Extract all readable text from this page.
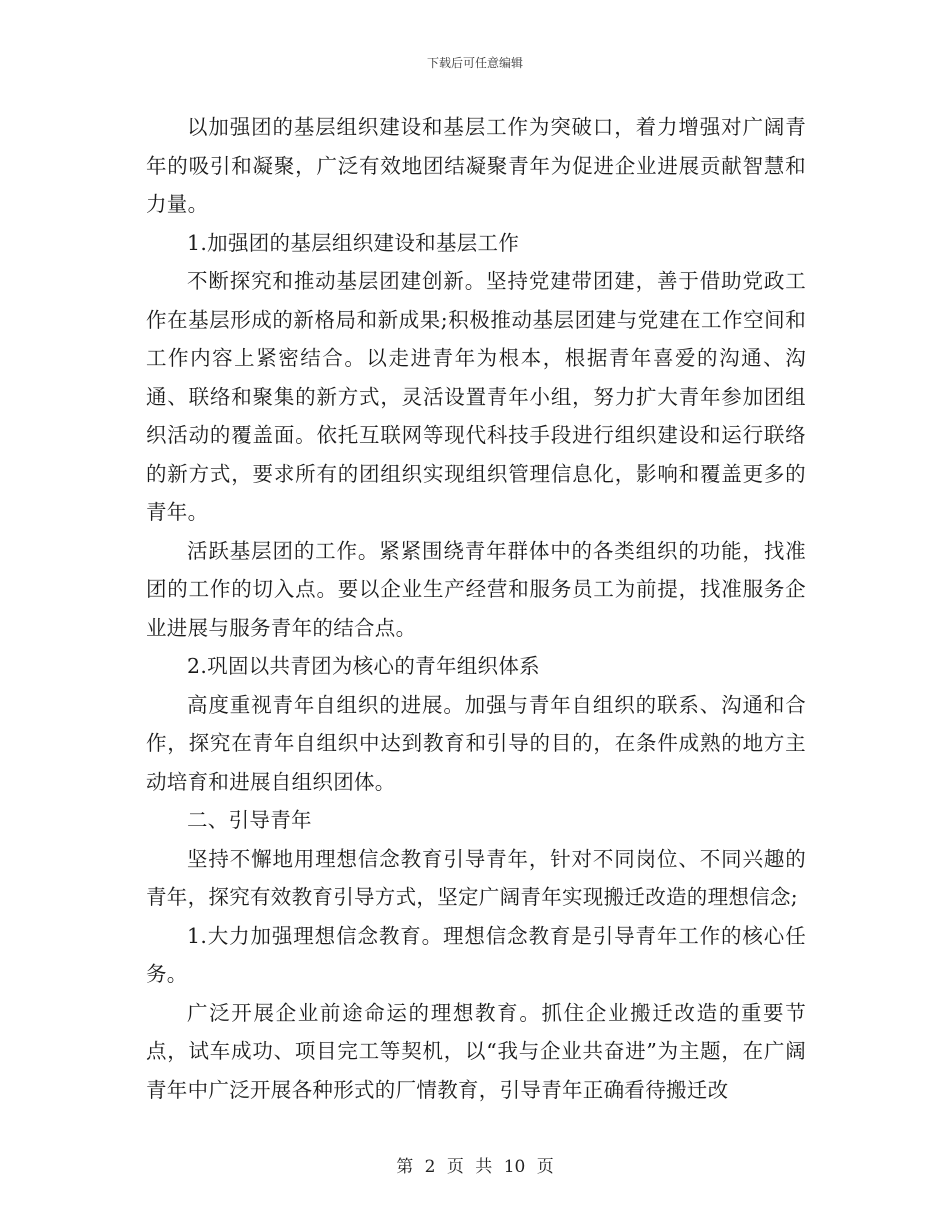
下载后可任意编辑

以加强团的基层组织建设和基层工作为突破口，着力增强对广阔青年的吸引和凝聚，广泛有效地团结凝聚青年为促进企业进展贡献智慧和力量。

1.加强团的基层组织建设和基层工作

不断探究和推动基层团建创新。坚持党建带团建，善于借助党政工作在基层形成的新格局和新成果;积极推动基层团建与党建在工作空间和工作内容上紧密结合。以走进青年为根本，根据青年喜爱的沟通、沟通、联络和聚集的新方式，灵活设置青年小组，努力扩大青年参加团组织活动的覆盖面。依托互联网等现代科技手段进行组织建设和运行联络的新方式，要求所有的团组织实现组织管理信息化，影响和覆盖更多的青年。

活跃基层团的工作。紧紧围绕青年群体中的各类组织的功能，找准团的工作的切入点。要以企业生产经营和服务员工为前提，找准服务企业进展与服务青年的结合点。

2.巩固以共青团为核心的青年组织体系

高度重视青年自组织的进展。加强与青年自组织的联系、沟通和合作，探究在青年自组织中达到教育和引导的目的，在条件成熟的地方主动培育和进展自组织团体。

二、引导青年

坚持不懈地用理想信念教育引导青年，针对不同岗位、不同兴趣的青年，探究有效教育引导方式，坚定广阔青年实现搬迁改造的理想信念;

1.大力加强理想信念教育。理想信念教育是引导青年工作的核心任务。

广泛开展企业前途命运的理想教育。抓住企业搬迁改造的重要节点，试车成功、项目完工等契机，以“我与企业共奋进”为主题，在广阔青年中广泛开展各种形式的厂情教育，引导青年正确看待搬迁改

第 2 页 共 10 页
